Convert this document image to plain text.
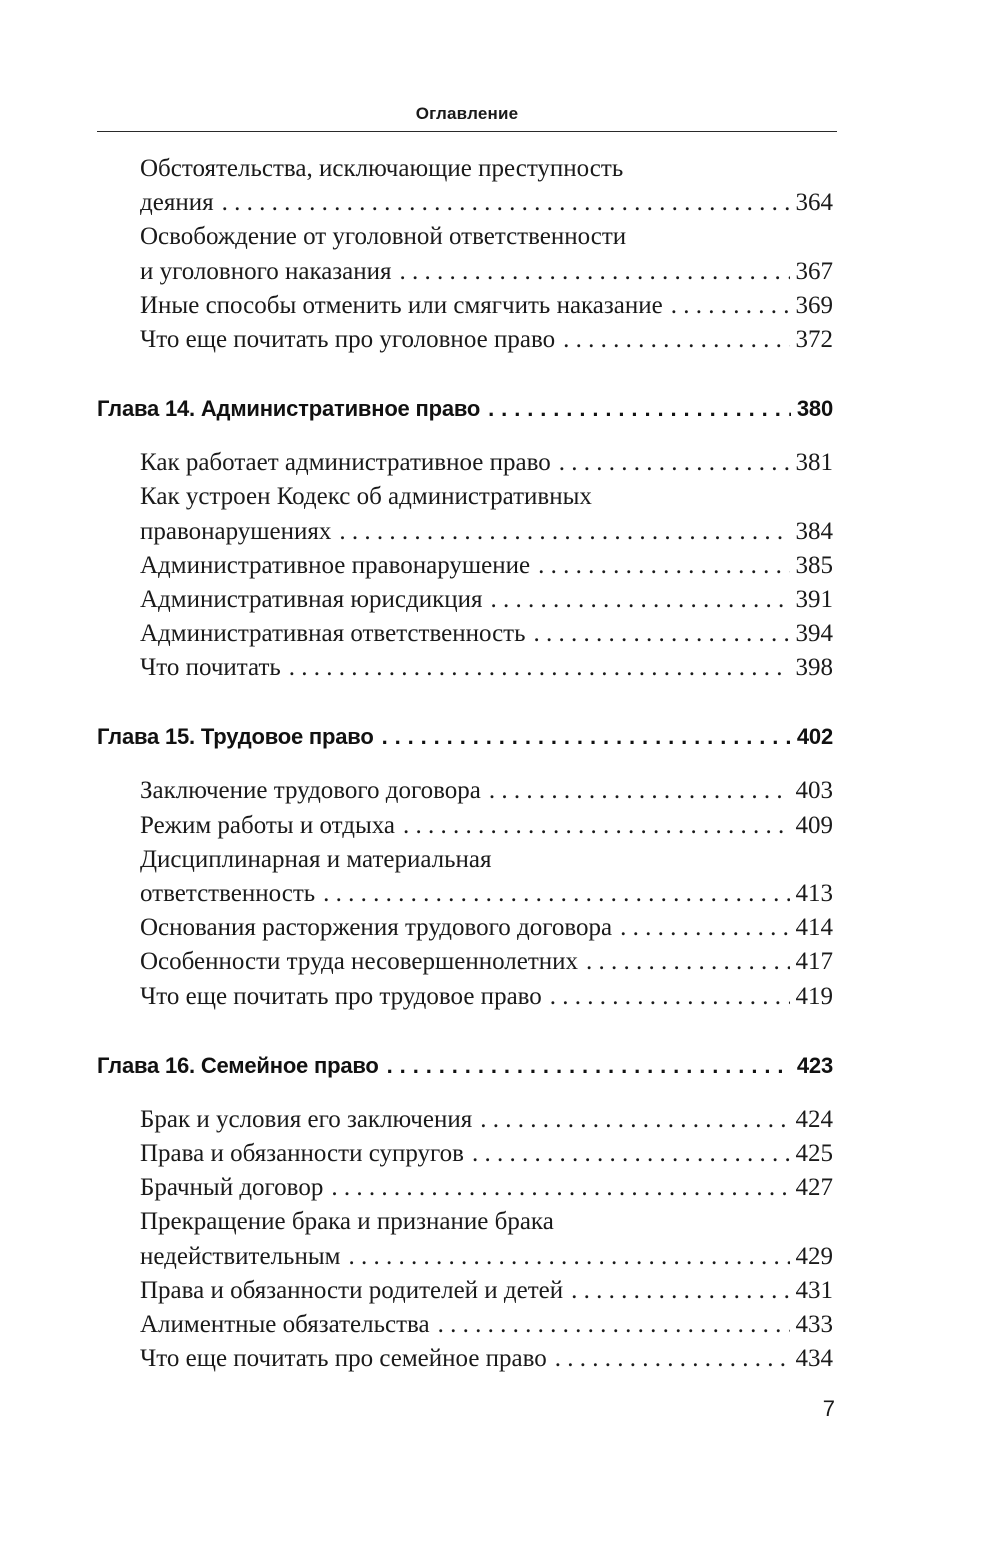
Оглавление
Обстоятельства, исключающие преступность
деяния . . .	364
Освобождение от уголовной ответственности
и уголовного наказания . . .	367
Иные способы отменить или смягчить наказание . . .	369
Что еще почитать про уголовное право . . .	372
Глава 14. Административное право . . .	380
Как работает административное право . . .	381
Как устроен Кодекс об административных
правонарушениях . . .	384
Административное правонарушение . . .	385
Административная юрисдикция . . .	391
Административная ответственность . . .	394
Что почитать . . .	398
Глава 15. Трудовое право . . .	402
Заключение трудового договора . . .	403
Режим работы и отдыха . . .	409
Дисциплинарная и материальная
ответственность . . .	413
Основания расторжения трудового договора . . .	414
Особенности труда несовершеннолетних . . .	417
Что еще почитать про трудовое право . . .	419
Глава 16. Семейное право . . .	423
Брак и условия его заключения . . .	424
Права и обязанности супругов . . .	425
Брачный договор . . .	427
Прекращение брака и признание брака
недействительным . . .	429
Права и обязанности родителей и детей . . .	431
Алиментные обязательства . . .	433
Что еще почитать про семейное право . . .	434
7
